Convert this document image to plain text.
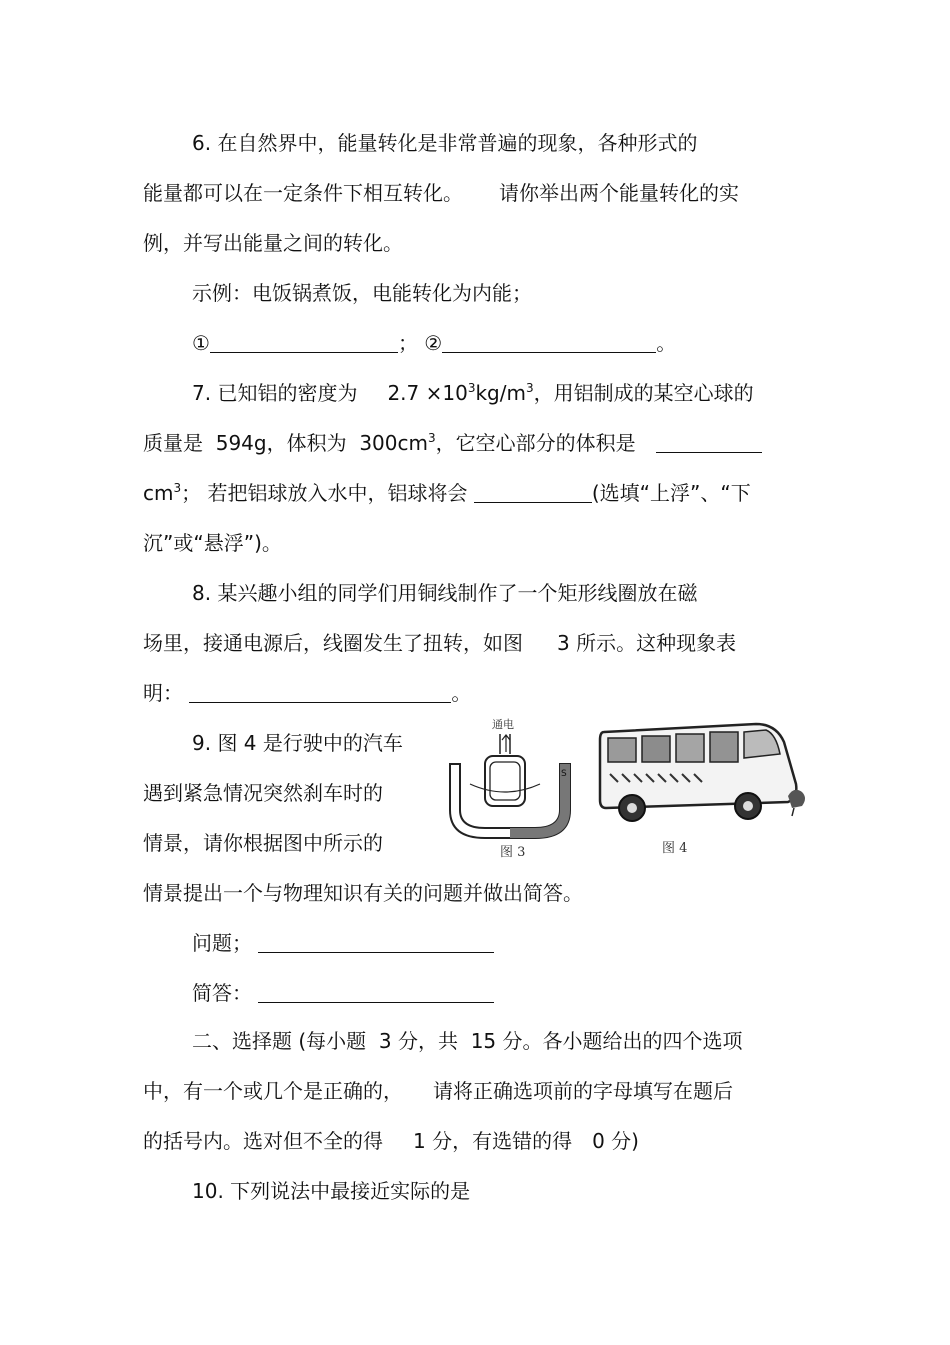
6. 在自然界中，能量转化是非常普遍的现象，各种形式的
能量都可以在一定条件下相互转化。 请你举出两个能量转化的实
例，并写出能量之间的转化。
示例：电饭锅煮饭，电能转化为内能；
①	； ②	。
7. 已知铝的密度为 $2.7 \times 10^3kg/m^3$，用铝制成的某空心球的
质量是 594g，体积为 $300cm^3$，它空心部分的体积是
$cm^3$； 若把铝球放入水中，铝球将会	(选填“上浮”、“下
沉”或“悬浮”)。
8. 某兴趣小组的同学们用铜线制作了一个矩形线圈放在磁
场里，接通电源后，线圈发生了扭转，如图 3 所示。这种现象表
明：	。
9. 图 4 是行驶中的汽车
遇到紧急情况突然刹车时的
情景，请你根据图中所示的
情景提出一个与物理知识有关的问题并做出简答。
问题；
简答：
通电
S
图 3	图 4
二、选择题 (每小题 3 分，共 15 分。各小题给出的四个选项
中，有一个或几个是正确的， 请将正确选项前的字母填写在题后
的括号内。选对但不全的得 1 分，有选错的得 0 分)
10. 下列说法中最接近实际的是
